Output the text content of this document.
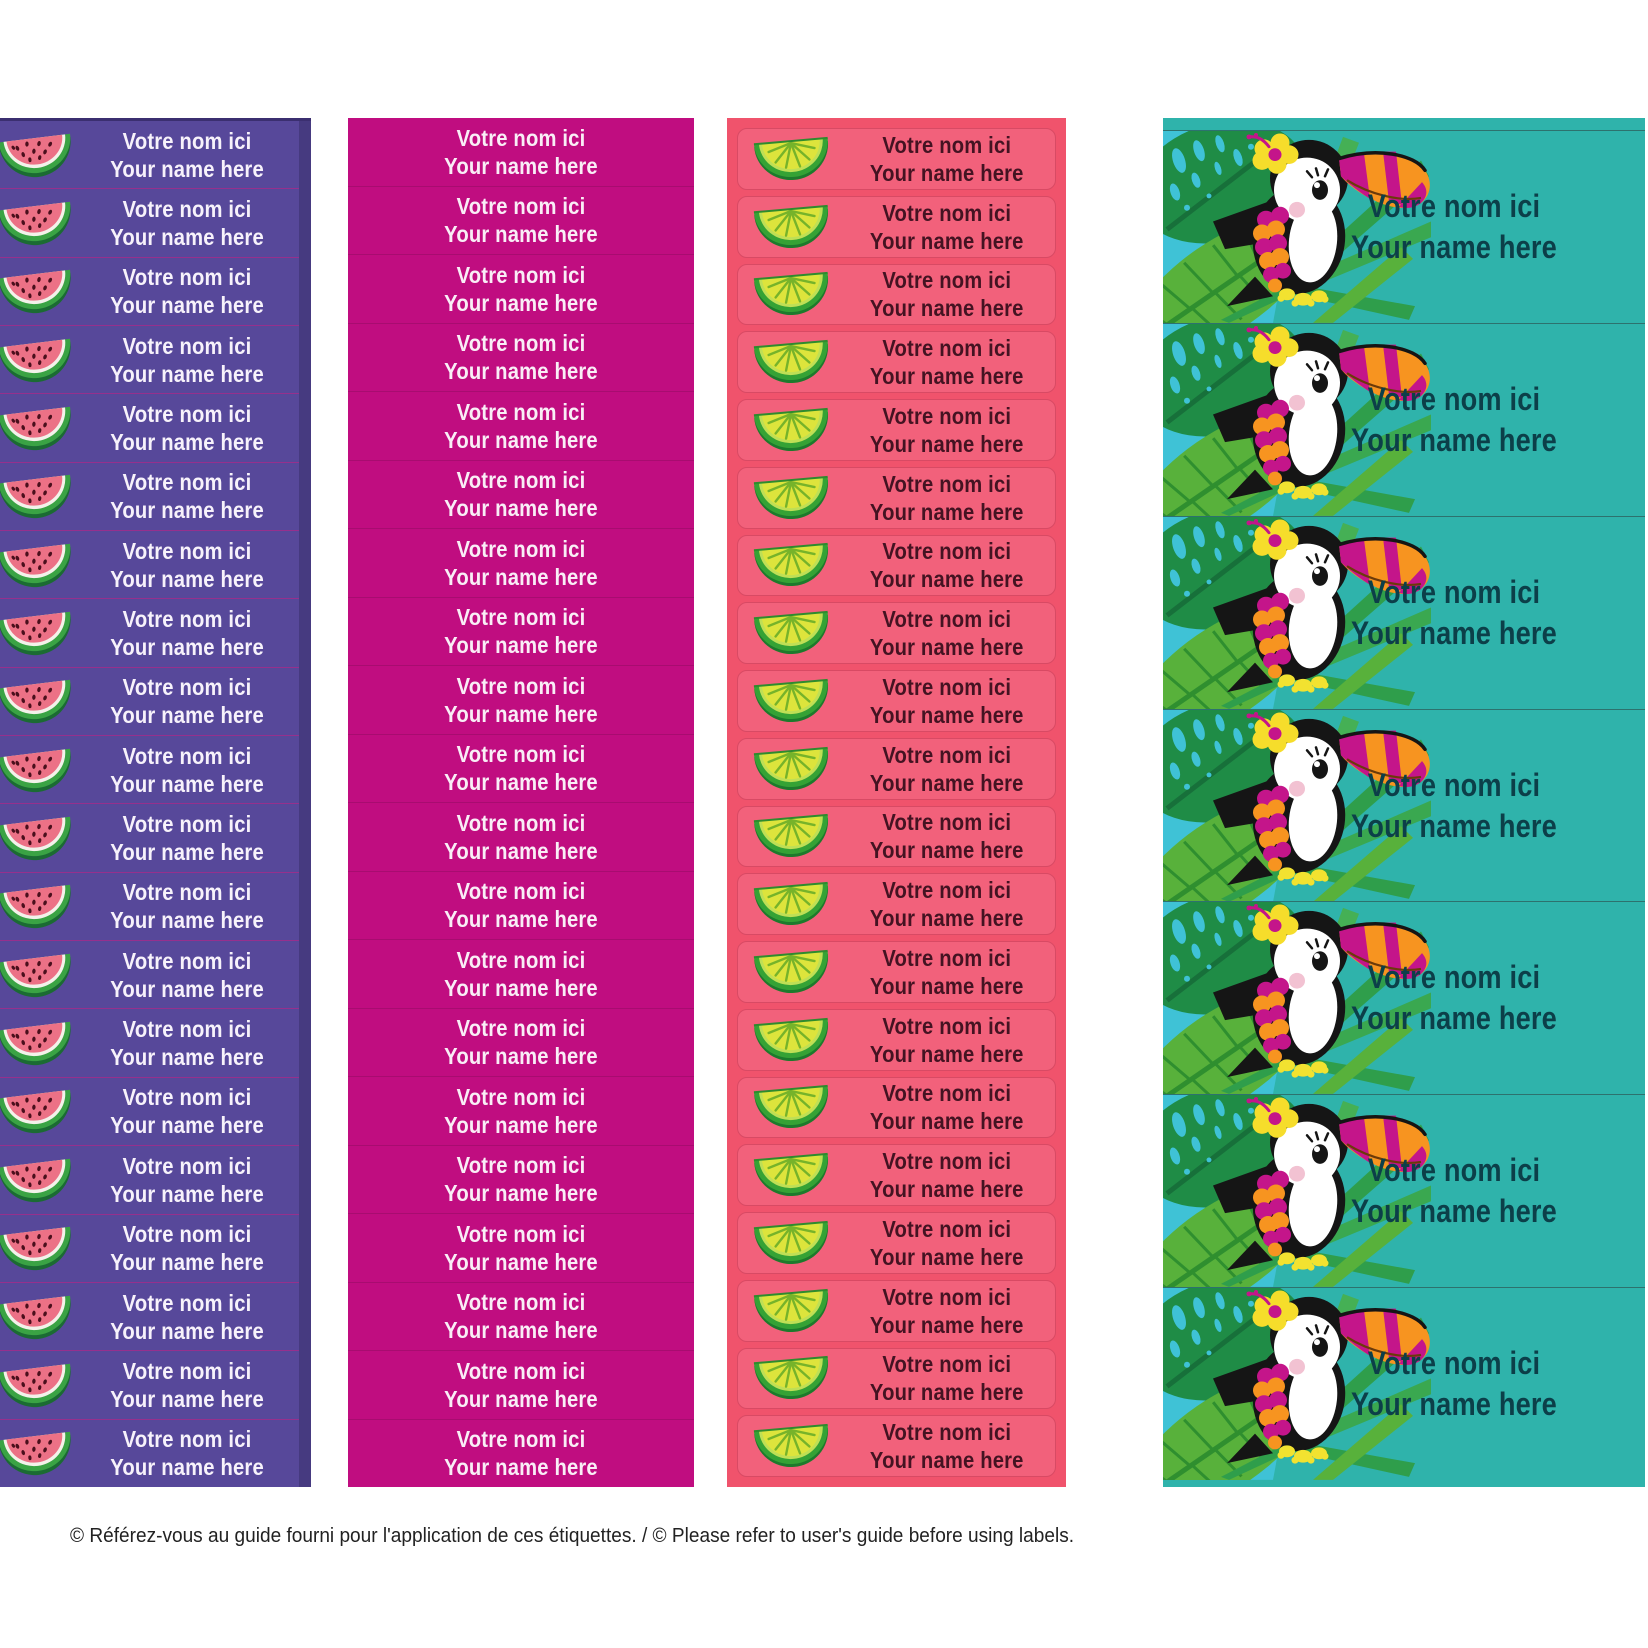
Votre nom ici
Your name here
Votre nom ici
Your name here
Votre nom ici
Your name here
Votre nom ici
Your name here
Votre nom ici
Your name here
Votre nom ici
Your name here
Votre nom ici
Your name here
Votre nom ici
Your name here
Votre nom ici
Your name here
Votre nom ici
Your name here
Votre nom ici
Your name here
Votre nom ici
Your name here
Votre nom ici
Your name here
Votre nom ici
Your name here
Votre nom ici
Your name here
Votre nom ici
Your name here
Votre nom ici
Your name here
Votre nom ici
Your name here
Votre nom ici
Your name here
Votre nom ici
Your name here
Votre nom ici
Your name here
Votre nom ici
Your name here
Votre nom ici
Your name here
Votre nom ici
Your name here
Votre nom ici
Your name here
Votre nom ici
Your name here
Votre nom ici
Your name here
Votre nom ici
Your name here
Votre nom ici
Your name here
Votre nom ici
Your name here
Votre nom ici
Your name here
Votre nom ici
Your name here
Votre nom ici
Your name here
Votre nom ici
Your name here
Votre nom ici
Your name here
Votre nom ici
Your name here
Votre nom ici
Your name here
Votre nom ici
Your name here
Votre nom ici
Your name here
Votre nom ici
Your name here
Votre nom ici
Your name here
Votre nom ici
Your name here
Votre nom ici
Your name here
Votre nom ici
Your name here
Votre nom ici
Your name here
Votre nom ici
Your name here
Votre nom ici
Your name here
Votre nom ici
Your name here
Votre nom ici
Your name here
Votre nom ici
Your name here
Votre nom ici
Your name here
Votre nom ici
Your name here
Votre nom ici
Your name here
Votre nom ici
Your name here
Votre nom ici
Your name here
Votre nom ici
Your name here
Votre nom ici
Your name here
Votre nom ici
Your name here
Votre nom ici
Your name here
Votre nom ici
Your name here
Votre nom ici
Your name here
Votre nom ici
Your name here
Votre nom ici
Your name here
Votre nom ici
Your name here
Votre nom ici
Your name here
Votre nom ici
Your name here
Votre nom ici
Your name here

© Référez-vous au guide fourni pour l'application de ces étiquettes. / © Please refer to user's guide before using labels.
